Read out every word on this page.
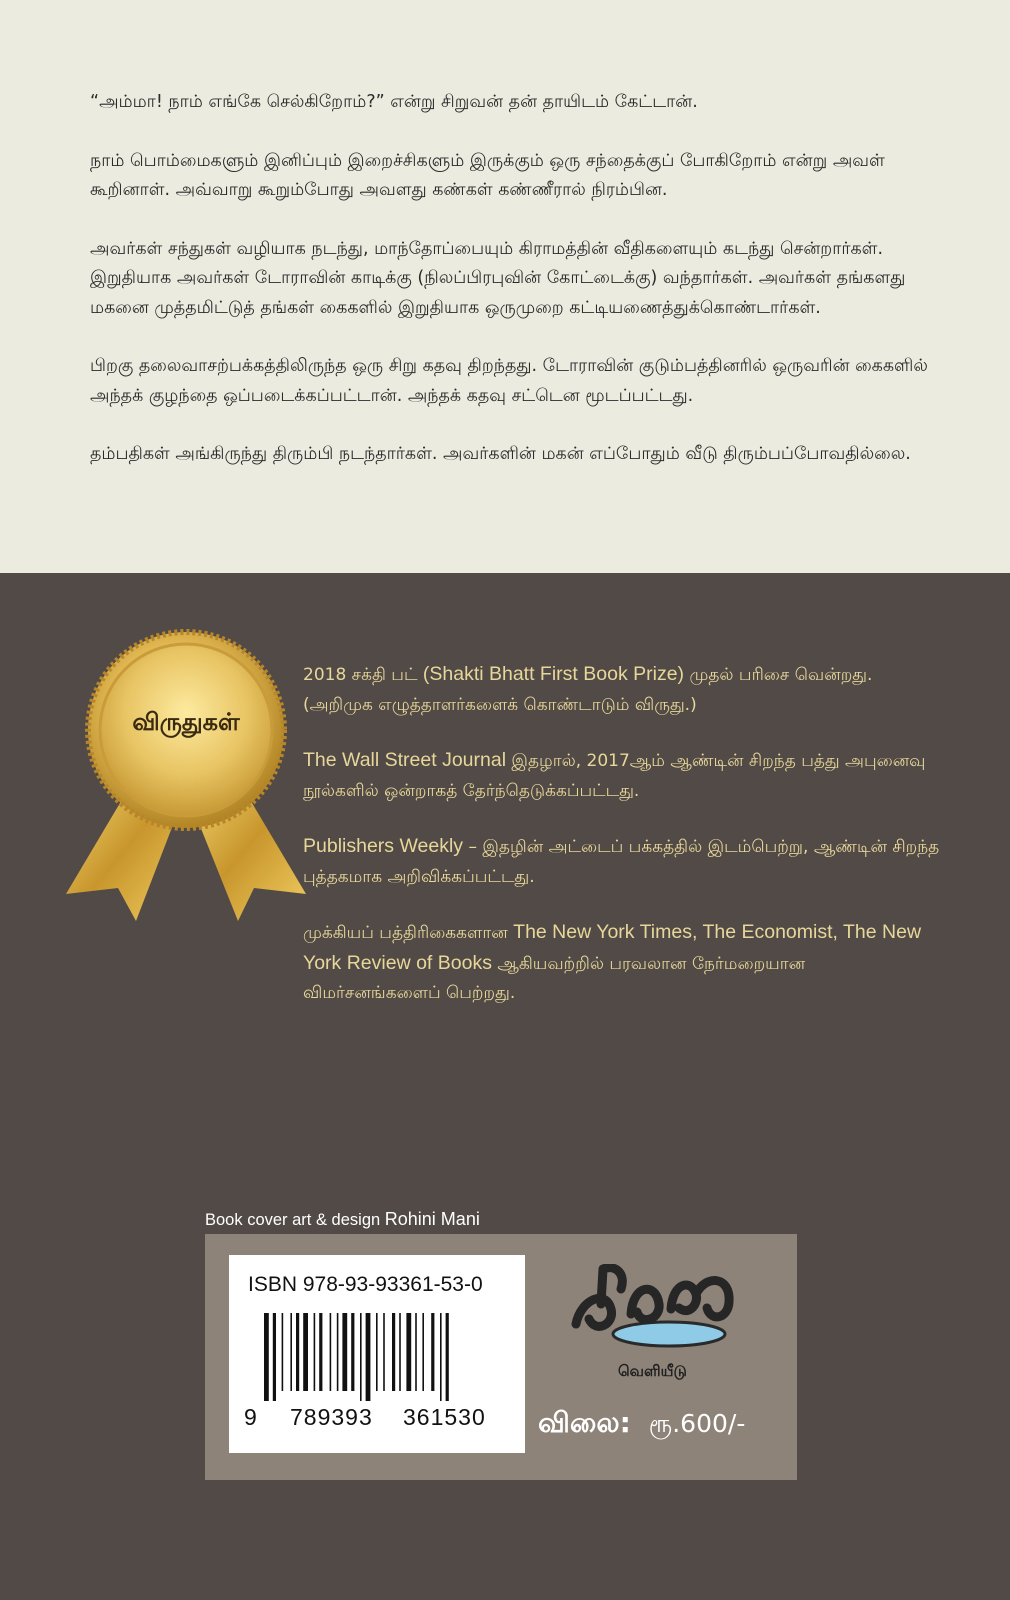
“அம்மா! நாம் எங்கே செல்கிறோம்?” என்று சிறுவன் தன் தாயிடம் கேட்டான்.

நாம் பொம்மைகளும் இனிப்பும் இறைச்சிகளும் இருக்கும் ஒரு சந்தைக்குப் போகிறோம் என்று அவள் கூறினாள். அவ்வாறு கூறும்போது அவளது கண்கள் கண்ணீரால் நிரம்பின.

அவர்கள் சந்துகள் வழியாக நடந்து, மாந்தோப்பையும் கிராமத்தின் வீதிகளையும் கடந்து சென்றார்கள். இறுதியாக அவர்கள் டோராவின் காடிக்கு (நிலப்பிரபுவின் கோட்டைக்கு) வந்தார்கள். அவர்கள் தங்களது மகனை முத்தமிட்டுத் தங்கள் கைகளில் இறுதியாக ஒருமுறை கட்டியணைத்துக்கொண்டார்கள்.

பிறகு தலைவாசற்பக்கத்திலிருந்த ஒரு சிறு கதவு திறந்தது. டோராவின் குடும்பத்தினரில் ஒருவரின் கைகளில் அந்தக் குழந்தை ஒப்படைக்கப்பட்டான். அந்தக் கதவு சட்டென மூடப்பட்டது.

தம்பதிகள் அங்கிருந்து திரும்பி நடந்தார்கள். அவர்களின் மகன் எப்போதும் வீடு திரும்பப்போவதில்லை.

விருதுகள்

2018 சக்தி பட் (Shakti Bhatt First Book Prize) முதல் பரிசை வென்றது. (அறிமுக எழுத்தாளர்களைக் கொண்டாடும் விருது.)

The Wall Street Journal இதழால், 2017ஆம் ஆண்டின் சிறந்த பத்து அபுனைவு நூல்களில் ஒன்றாகத் தேர்ந்தெடுக்கப்பட்டது.

Publishers Weekly – இதழின் அட்டைப் பக்கத்தில் இடம்பெற்று, ஆண்டின் சிறந்த புத்தகமாக அறிவிக்கப்பட்டது.

முக்கியப் பத்திரிகைகளான The New York Times, The Economist, The New York Review of Books ஆகியவற்றில் பரவலான நேர்மறையான விமர்சனங்களைப் பெற்றது.

Book cover art & design Rohini Mani
ISBN 978-93-93361-53-0
9 789393 361530
வெளியீடு
விலை: ரூ.600/-
